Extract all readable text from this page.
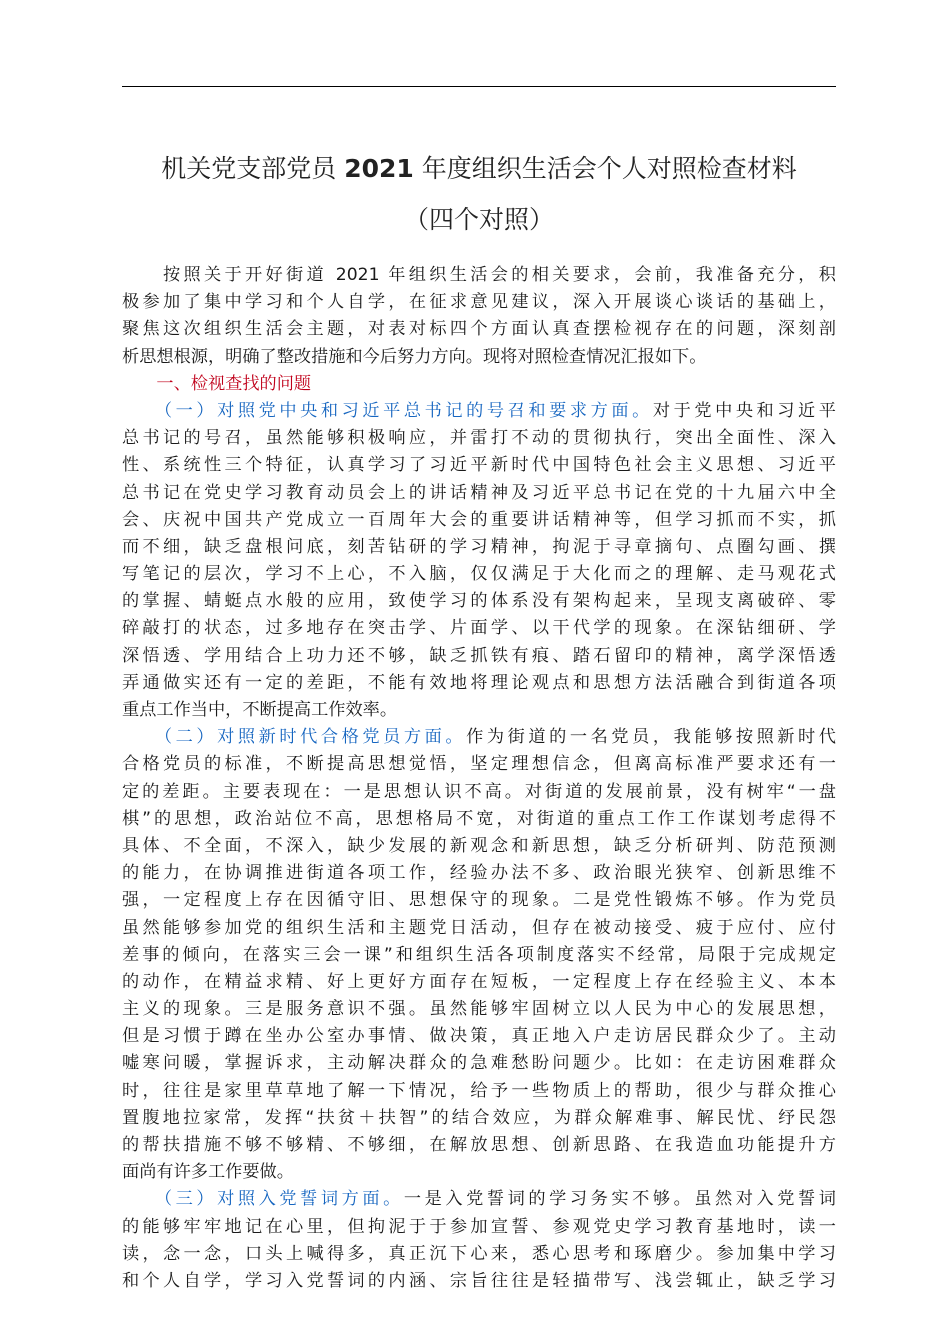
机关党支部党员 2021 年度组织生活会个人对照检查材料
（四个对照）
　　按照关于开好街道 2021 年组织生活会的相关要求，会前，我准备充分，积
极参加了集中学习和个人自学，在征求意见建议，深入开展谈心谈话的基础上，
聚焦这次组织生活会主题，对表对标四个方面认真查摆检视存在的问题，深刻剖
析思想根源，明确了整改措施和今后努力方向。现将对照检查情况汇报如下。
　　一、检视查找的问题
　　（一）对照党中央和习近平总书记的号召和要求方面。对于党中央和习近平
总书记的号召，虽然能够积极响应，并雷打不动的贯彻执行，突出全面性、深入
性、系统性三个特征，认真学习了习近平新时代中国特色社会主义思想、习近平
总书记在党史学习教育动员会上的讲话精神及习近平总书记在党的十九届六中全
会、庆祝中国共产党成立一百周年大会的重要讲话精神等，但学习抓而不实，抓
而不细，缺乏盘根问底，刻苦钻研的学习精神，拘泥于寻章摘句、点圈勾画、撰
写笔记的层次，学习不上心，不入脑，仅仅满足于大化而之的理解、走马观花式
的掌握、蜻蜓点水般的应用，致使学习的体系没有架构起来，呈现支离破碎、零
碎敲打的状态，过多地存在突击学、片面学、以干代学的现象。在深钻细研、学
深悟透、学用结合上功力还不够，缺乏抓铁有痕、踏石留印的精神，离学深悟透
弄通做实还有一定的差距，不能有效地将理论观点和思想方法活融合到街道各项
重点工作当中，不断提高工作效率。
　　（二）对照新时代合格党员方面。作为街道的一名党员，我能够按照新时代
合格党员的标准，不断提高思想觉悟，坚定理想信念，但离高标准严要求还有一
定的差距。主要表现在：一是思想认识不高。对街道的发展前景，没有树牢“一盘
棋”的思想，政治站位不高，思想格局不宽，对街道的重点工作工作谋划考虑得不
具体、不全面，不深入，缺少发展的新观念和新思想，缺乏分析研判、防范预测
的能力，在协调推进街道各项工作，经验办法不多、政治眼光狭窄、创新思维不
强，一定程度上存在因循守旧、思想保守的现象。二是党性锻炼不够。作为党员
虽然能够参加党的组织生活和主题党日活动，但存在被动接受、疲于应付、应付
差事的倾向，在落实三会一课”和组织生活各项制度落实不经常，局限于完成规定
的动作，在精益求精、好上更好方面存在短板，一定程度上存在经验主义、本本
主义的现象。三是服务意识不强。虽然能够牢固树立以人民为中心的发展思想，
但是习惯于蹲在坐办公室办事情、做决策，真正地入户走访居民群众少了。主动
嘘寒问暖，掌握诉求，主动解决群众的急难愁盼问题少。比如：在走访困难群众
时，往往是家里草草地了解一下情况，给予一些物质上的帮助，很少与群众推心
置腹地拉家常，发挥“扶贫＋扶智”的结合效应，为群众解难事、解民忧、纾民怨
的帮扶措施不够不够精、不够细，在解放思想、创新思路、在我造血功能提升方
面尚有许多工作要做。
　　（三）对照入党誓词方面。一是入党誓词的学习务实不够。虽然对入党誓词
的能够牢牢地记在心里，但拘泥于于参加宣誓、参观党史学习教育基地时，读一
读，念一念，口头上喊得多，真正沉下心来，悉心思考和琢磨少。参加集中学习
和个人自学，学习入党誓词的内涵、宗旨往往是轻描带写、浅尝辄止，缺乏学习
